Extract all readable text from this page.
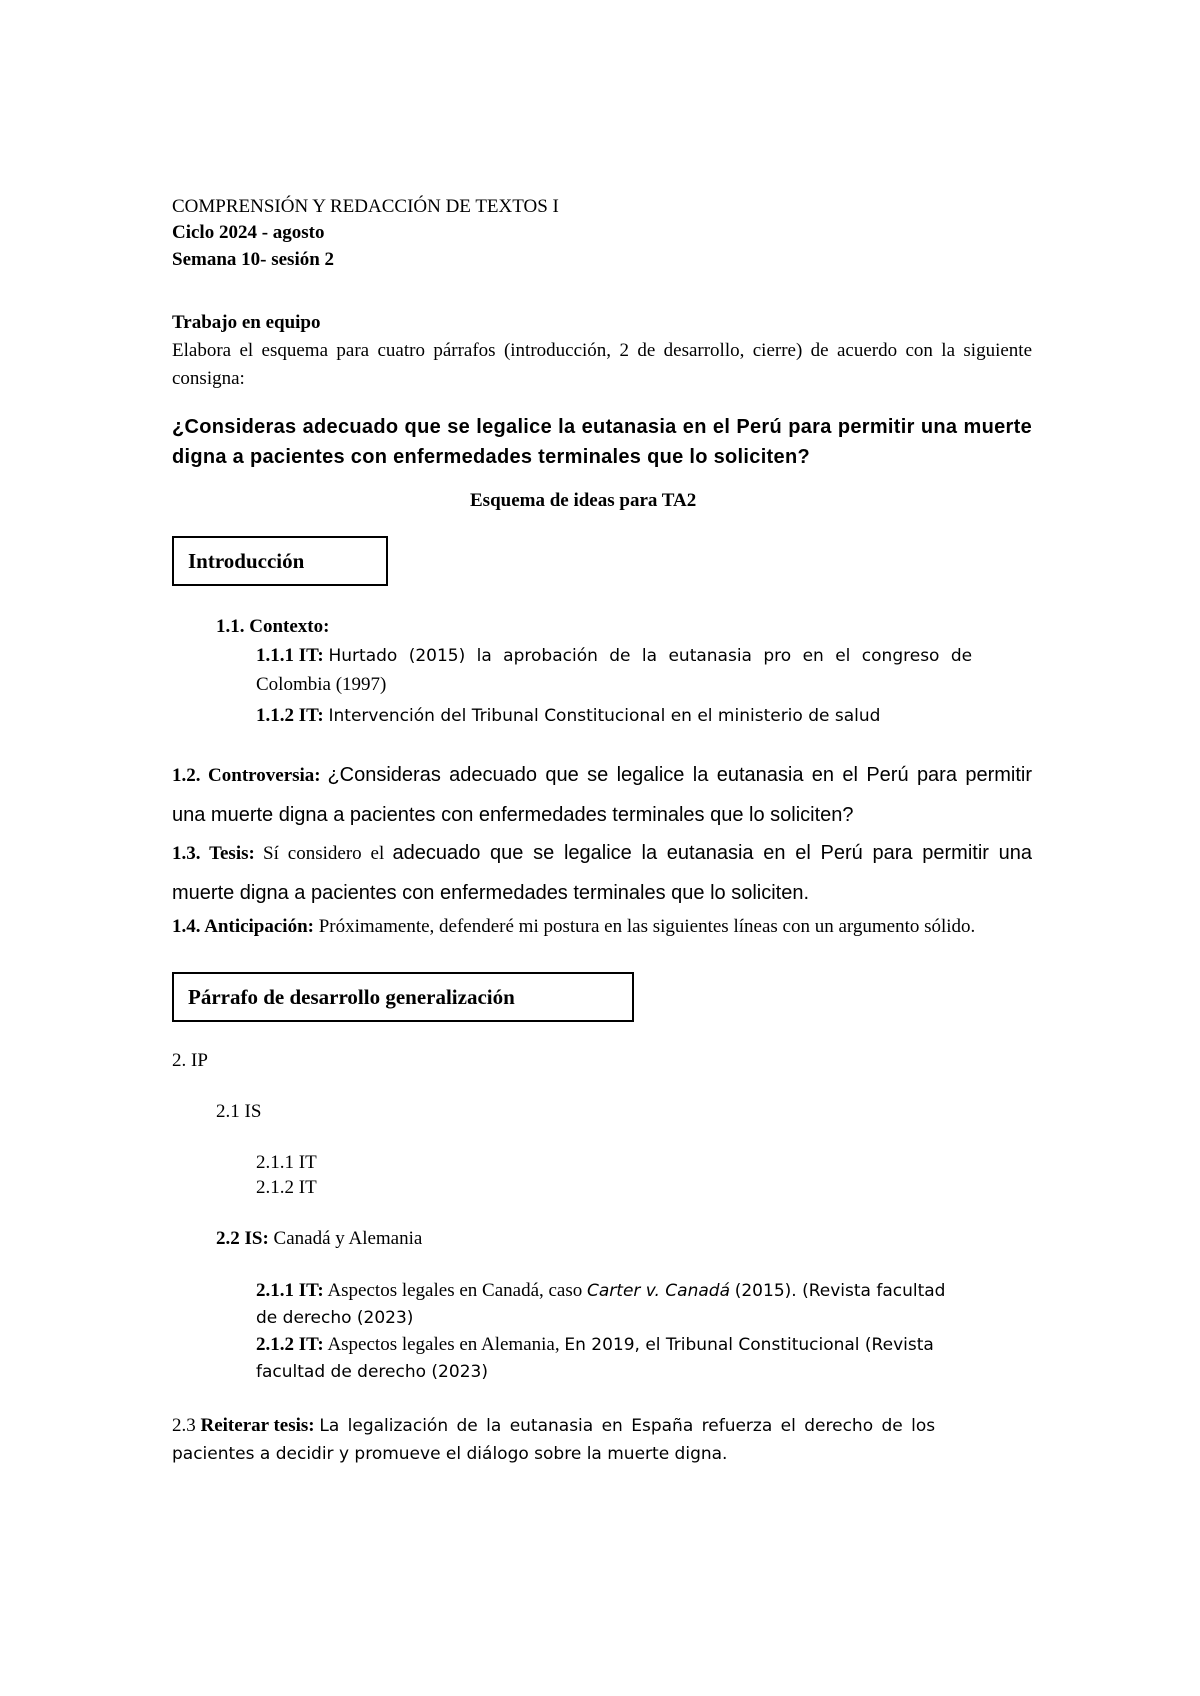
COMPRENSIÓN Y REDACCIÓN DE TEXTOS I
Ciclo 2024 - agosto
Semana 10- sesión 2
Trabajo en equipo
Elabora el esquema para cuatro párrafos (introducción, 2 de desarrollo, cierre) de acuerdo con la siguiente consigna:
¿Consideras adecuado que se legalice la eutanasia en el Perú para permitir una muerte digna a pacientes con enfermedades terminales que lo soliciten?
Esquema de ideas para TA2
Introducción
1.1. Contexto:
1.1.1 IT: Hurtado (2015) la aprobación de la eutanasia pro en el congreso de
Colombia (1997)
1.1.2 IT: Intervención del Tribunal Constitucional en el ministerio de salud
1.2. Controversia: ¿Consideras adecuado que se legalice la eutanasia en el Perú para permitir una muerte digna a pacientes con enfermedades terminales que lo soliciten?
1.3. Tesis: Sí considero el adecuado que se legalice la eutanasia en el Perú para permitir una muerte digna a pacientes con enfermedades terminales que lo soliciten.
1.4. Anticipación: Próximamente, defenderé mi postura en las siguientes líneas con un argumento sólido.
Párrafo de desarrollo generalización
2. IP
2.1 IS
2.1.1 IT
2.1.2 IT
2.2 IS: Canadá y Alemania
2.1.1 IT: Aspectos legales en Canadá, caso Carter v. Canadá (2015). (Revista facultad
de derecho (2023)
2.1.2 IT: Aspectos legales en Alemania, En 2019, el Tribunal Constitucional (Revista
facultad de derecho (2023)
2.3 Reiterar tesis: La legalización de la eutanasia en España refuerza el derecho de los
pacientes a decidir y promueve el diálogo sobre la muerte digna.
